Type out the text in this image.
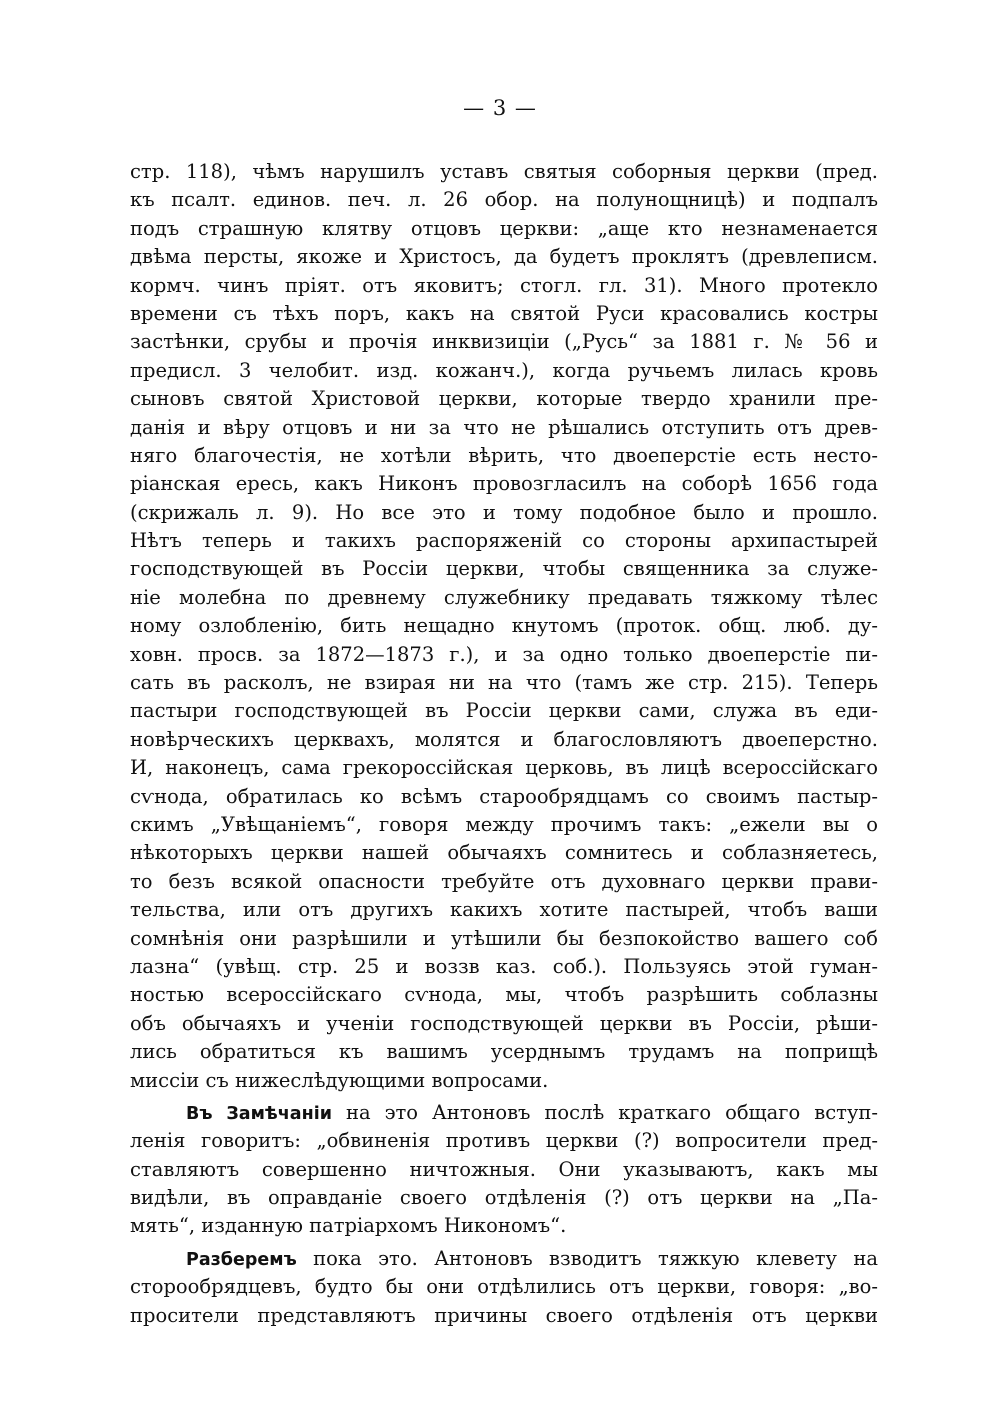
— 3 —
стр. 118), чѣмъ нарушилъ уставъ святыя соборныя церкви (пред.
къ псалт. единов. печ. л. 26 обор. на полунощницѣ) и подпалъ
подъ страшную клятву отцовъ церкви: „аще кто незнаменается
двѣма персты, якоже и Христосъ, да будетъ проклятъ (древлеписм.
кормч. чинъ пріят. отъ яковитъ; стогл. гл. 31). Много протекло
времени съ тѣхъ поръ, какъ на святой Руси красовались костры
застѣнки, срубы и прочія инквизиціи („Русь“ за 1881 г. № 56 и
предисл. 3 челобит. изд. кожанч.), когда ручьемъ лилась кровь
сыновъ святой Христовой церкви, которые твердо хранили пре-
данія и вѣру отцовъ и ни за что не рѣшались отступить отъ древ-
няго благочестія, не хотѣли вѣрить, что двоеперстіе есть несто-
ріанская ересь, какъ Никонъ провозгласилъ на соборѣ 1656 года
(скрижаль л. 9). Но все это и тому подобное было и прошло.
Нѣтъ теперь и такихъ распоряженій со стороны архипастырей
господствующей въ Россіи церкви, чтобы священника за служе-
ніе молебна по древнему служебнику предавать тяжкому тѣлес
ному озлобленію, бить нещадно кнутомъ (проток. общ. люб. ду-
ховн. просв. за 1872—1873 г.), и за одно только двоеперстіе пи-
сать въ расколъ, не взирая ни на что (тамъ же стр. 215). Теперь
пастыри господствующей въ Россіи церкви сами, служа въ еди-
новѣрческихъ церквахъ, молятся и благословляютъ двоеперстно.
И, наконецъ, сама грекороссійская церковь, въ лицѣ всероссійскаго
сѵнода, обратилась ко всѣмъ старообрядцамъ со своимъ пастыр-
скимъ „Увѣщаніемъ“, говоря между прочимъ такъ: „ежели вы о
нѣкоторыхъ церкви нашей обычаяхъ сомнитесь и соблазняетесь,
то безъ всякой опасности требуйте отъ духовнаго церкви прави-
тельства, или отъ другихъ какихъ хотите пастырей, чтобъ ваши
сомнѣнія они разрѣшили и утѣшили бы безпокойство вашего соб
лазна“ (увѣщ. стр. 25 и воззв каз. соб.). Пользуясь этой гуман-
ностью всероссійскаго сѵнода, мы, чтобъ разрѣшить соблазны
объ обычаяхъ и ученіи господствующей церкви въ Россіи, рѣши-
лись обратиться къ вашимъ усерднымъ трудамъ на поприщѣ
миссіи съ нижеслѣдующими вопросами.
Въ Замѣчаніи на это Антоновъ послѣ краткаго общаго вступ-
ленія говоритъ: „обвиненія противъ церкви (?) вопросители пред-
ставляютъ совершенно ничтожныя. Они указываютъ, какъ мы
видѣли, въ оправданіе своего отдѣленія (?) отъ церкви на „Па-
мять“, изданную патріархомъ Никономъ“.
Разберемъ пока это. Антоновъ взводитъ тяжкую клевету на
сторообрядцевъ, будто бы они отдѣлились отъ церкви, говоря: „во-
просители представляютъ причины своего отдѣленія отъ церкви
